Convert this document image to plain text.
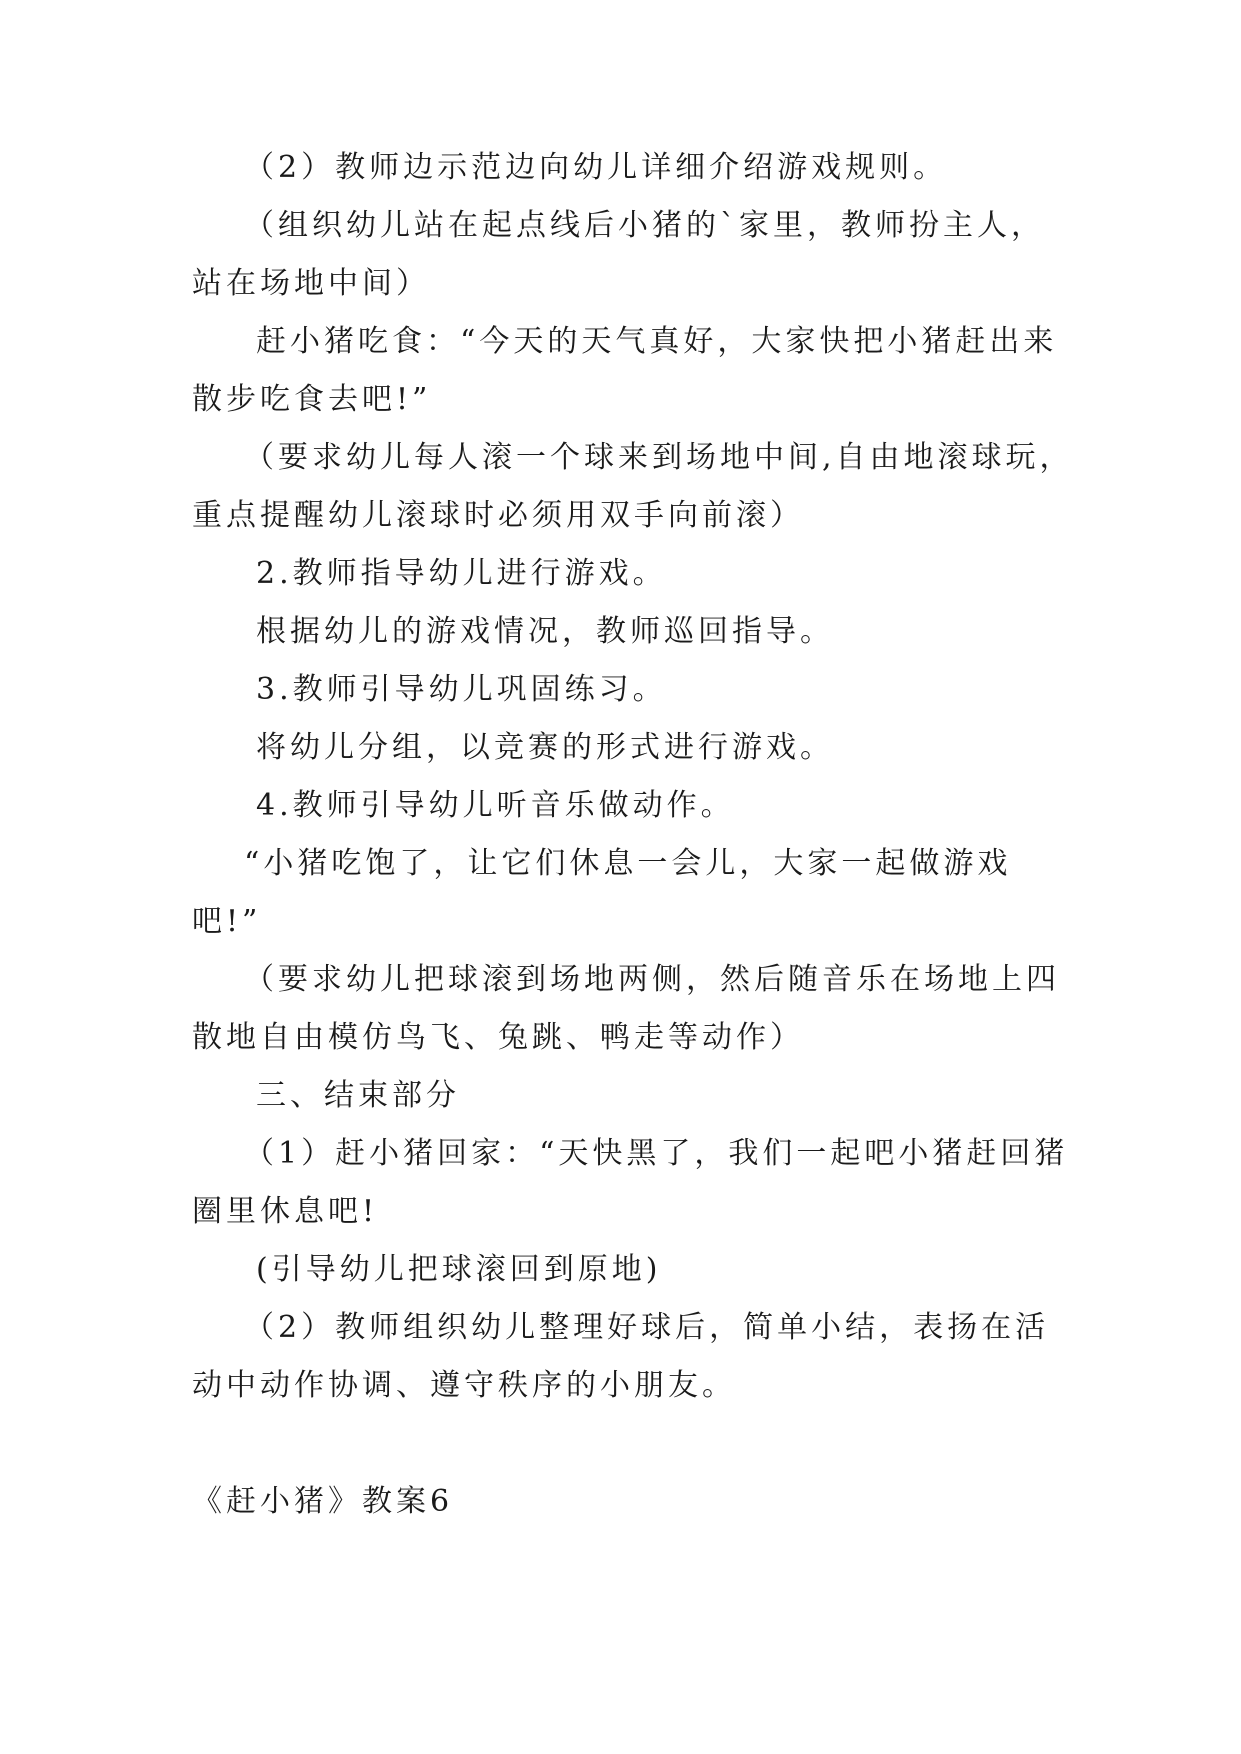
（2）教师边示范边向幼儿详细介绍游戏规则。
（组织幼儿站在起点线后小猪的`家里，教师扮主人，
站在场地中间）
赶小猪吃食：“今天的天气真好，大家快把小猪赶出来
散步吃食去吧!”
（要求幼儿每人滚一个球来到场地中间,自由地滚球玩，
重点提醒幼儿滚球时必须用双手向前滚）
2.教师指导幼儿进行游戏。
根据幼儿的游戏情况，教师巡回指导。
3.教师引导幼儿巩固练习。
将幼儿分组，以竞赛的形式进行游戏。
4.教师引导幼儿听音乐做动作。
“小猪吃饱了，让它们休息一会儿，大家一起做游戏
吧!”
（要求幼儿把球滚到场地两侧，然后随音乐在场地上四
散地自由模仿鸟飞、兔跳、鸭走等动作）
三、结束部分
（1）赶小猪回家：“天快黑了，我们一起吧小猪赶回猪
圈里休息吧!
(引导幼儿把球滚回到原地)
（2）教师组织幼儿整理好球后，简单小结，表扬在活
动中动作协调、遵守秩序的小朋友。
《赶小猪》教案6
